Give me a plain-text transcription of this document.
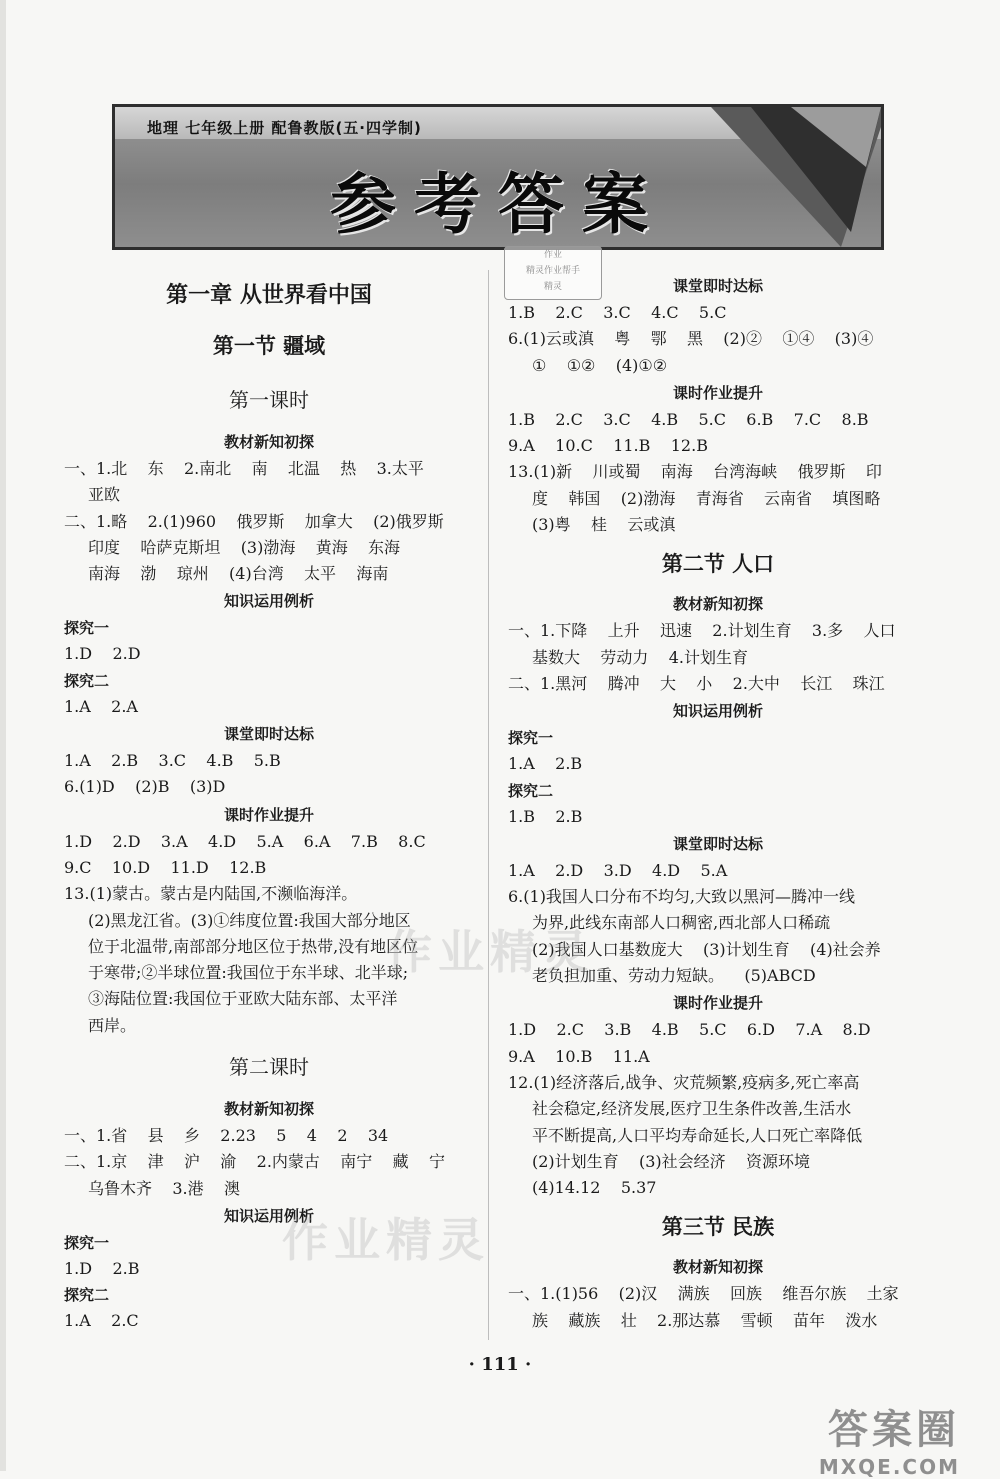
地理 七年级上册 配鲁教版(五·四学制)
参考答案
作业
精灵作业帮手
精灵
第一章 从世界看中国
第一节 疆域
第一课时
教材新知初探
一、1.北    东    2.南北    南    北温    热    3.太平
亚欧
二、1.略    2.(1)960    俄罗斯    加拿大    (2)俄罗斯
印度    哈萨克斯坦    (3)渤海    黄海    东海
南海    渤    琼州    (4)台湾    太平    海南
知识运用例析
探究一
1.D    2.D
探究二
1.A    2.A
课堂即时达标
1.A    2.B    3.C    4.B    5.B
6.(1)D    (2)B    (3)D
课时作业提升
1.D    2.D    3.A    4.D    5.A    6.A    7.B    8.C
9.C    10.D    11.D    12.B
13.(1)蒙古。蒙古是内陆国,不濒临海洋。
(2)黑龙江省。(3)①纬度位置:我国大部分地区
位于北温带,南部部分地区位于热带,没有地区位
于寒带;②半球位置:我国位于东半球、北半球;
③海陆位置:我国位于亚欧大陆东部、太平洋
西岸。
第二课时
教材新知初探
一、1.省    县    乡    2.23    5    4    2    34
二、1.京    津    沪    渝    2.内蒙古    南宁    藏    宁
乌鲁木齐    3.港    澳
知识运用例析
探究一
1.D    2.B
探究二
1.A    2.C
课堂即时达标
1.B    2.C    3.C    4.C    5.C
6.(1)云或滇    粤    鄂    黑    (2)②    ①④    (3)④
①    ①②    (4)①②
课时作业提升
1.B    2.C    3.C    4.B    5.C    6.B    7.C    8.B
9.A    10.C    11.B    12.B
13.(1)新    川或蜀    南海    台湾海峡    俄罗斯    印
度    韩国    (2)渤海    青海省    云南省    填图略
(3)粤    桂    云或滇
第二节 人口
教材新知初探
一、1.下降    上升    迅速    2.计划生育    3.多    人口
基数大    劳动力    4.计划生育
二、1.黑河    腾冲    大    小    2.大中    长江    珠江
知识运用例析
探究一
1.A    2.B
探究二
1.B    2.B
课堂即时达标
1.A    2.D    3.D    4.D    5.A
6.(1)我国人口分布不均匀,大致以黑河—腾冲一线
为界,此线东南部人口稠密,西北部人口稀疏
(2)我国人口基数庞大    (3)计划生育    (4)社会养
老负担加重、劳动力短缺。    (5)ABCD
课时作业提升
1.D    2.C    3.B    4.B    5.C    6.D    7.A    8.D
9.A    10.B    11.A
12.(1)经济落后,战争、灾荒频繁,疫病多,死亡率高
社会稳定,经济发展,医疗卫生条件改善,生活水
平不断提高,人口平均寿命延长,人口死亡率降低
(2)计划生育    (3)社会经济    资源环境
(4)14.12    5.37
第三节 民族
教材新知初探
一、1.(1)56    (2)汉    满族    回族    维吾尔族    土家
族    藏族    壮    2.那达慕    雪顿    苗年    泼水
作业精灵
作业精灵
· 111 ·
答案圈
MXQE.COM
